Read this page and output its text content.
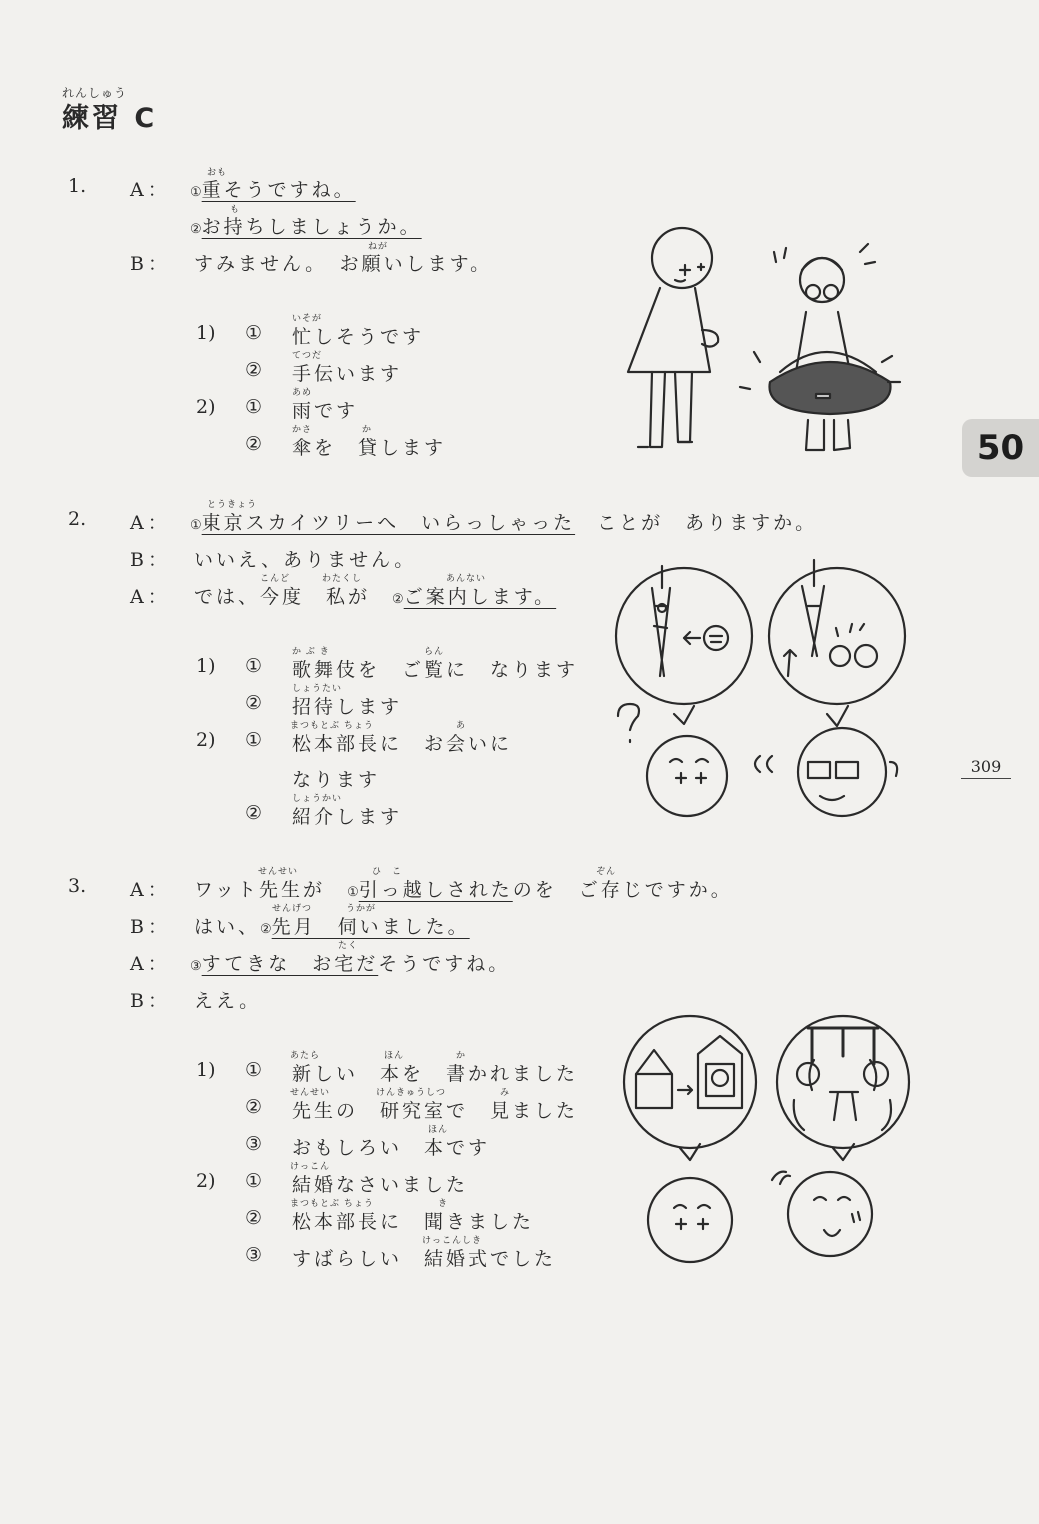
れんしゅう
練習 C
50
309
1. A：
おも
①重そうですね。
も
②お持ちしましょうか。
B：
ねが
すみません。　お願いします。
1) ①
いそが
忙しそうです
②
てつだ
手伝います
2) ①
あめ
雨です
②
かさ	か
傘を　貸します
2. A：
とうきょう
①東京スカイツリーへ　いらっしゃった　 ことが　ありますか。
B： いいえ、ありません。
A：
こんど	わたくし	あんない
では、今度　私が　 ②ご案内します。
1) ①
か ぶ き	らん
歌舞伎を　ご覧に　なります
②
しょうたい
招待します
2) ①
まつもとぶ ちょう	あ
松本部長に　お会いに
なります
②
しょうかい
紹介します
3. A：
せんせい	ひ　こ	ぞん
ワット先生が　 ①引っ越しされたのを　ご存じですか。
B：
せんげつ	うかが
はい、②先月　伺いました。
A：
たく
③すてきな　お宅だそうですね。
B： ええ。
1) ①
あたら	ほん	か
新しい　本を　書かれました
②
せんせい	けんきゅうしつ	み
先生の　研究室で　見ました
③
ほん
おもしろい　本です
2) ①
けっこん
結婚なさいました
②
まつもとぶ ちょう	き
松本部長に　聞きました
③
けっこんしき
すばらしい　結婚式でした
